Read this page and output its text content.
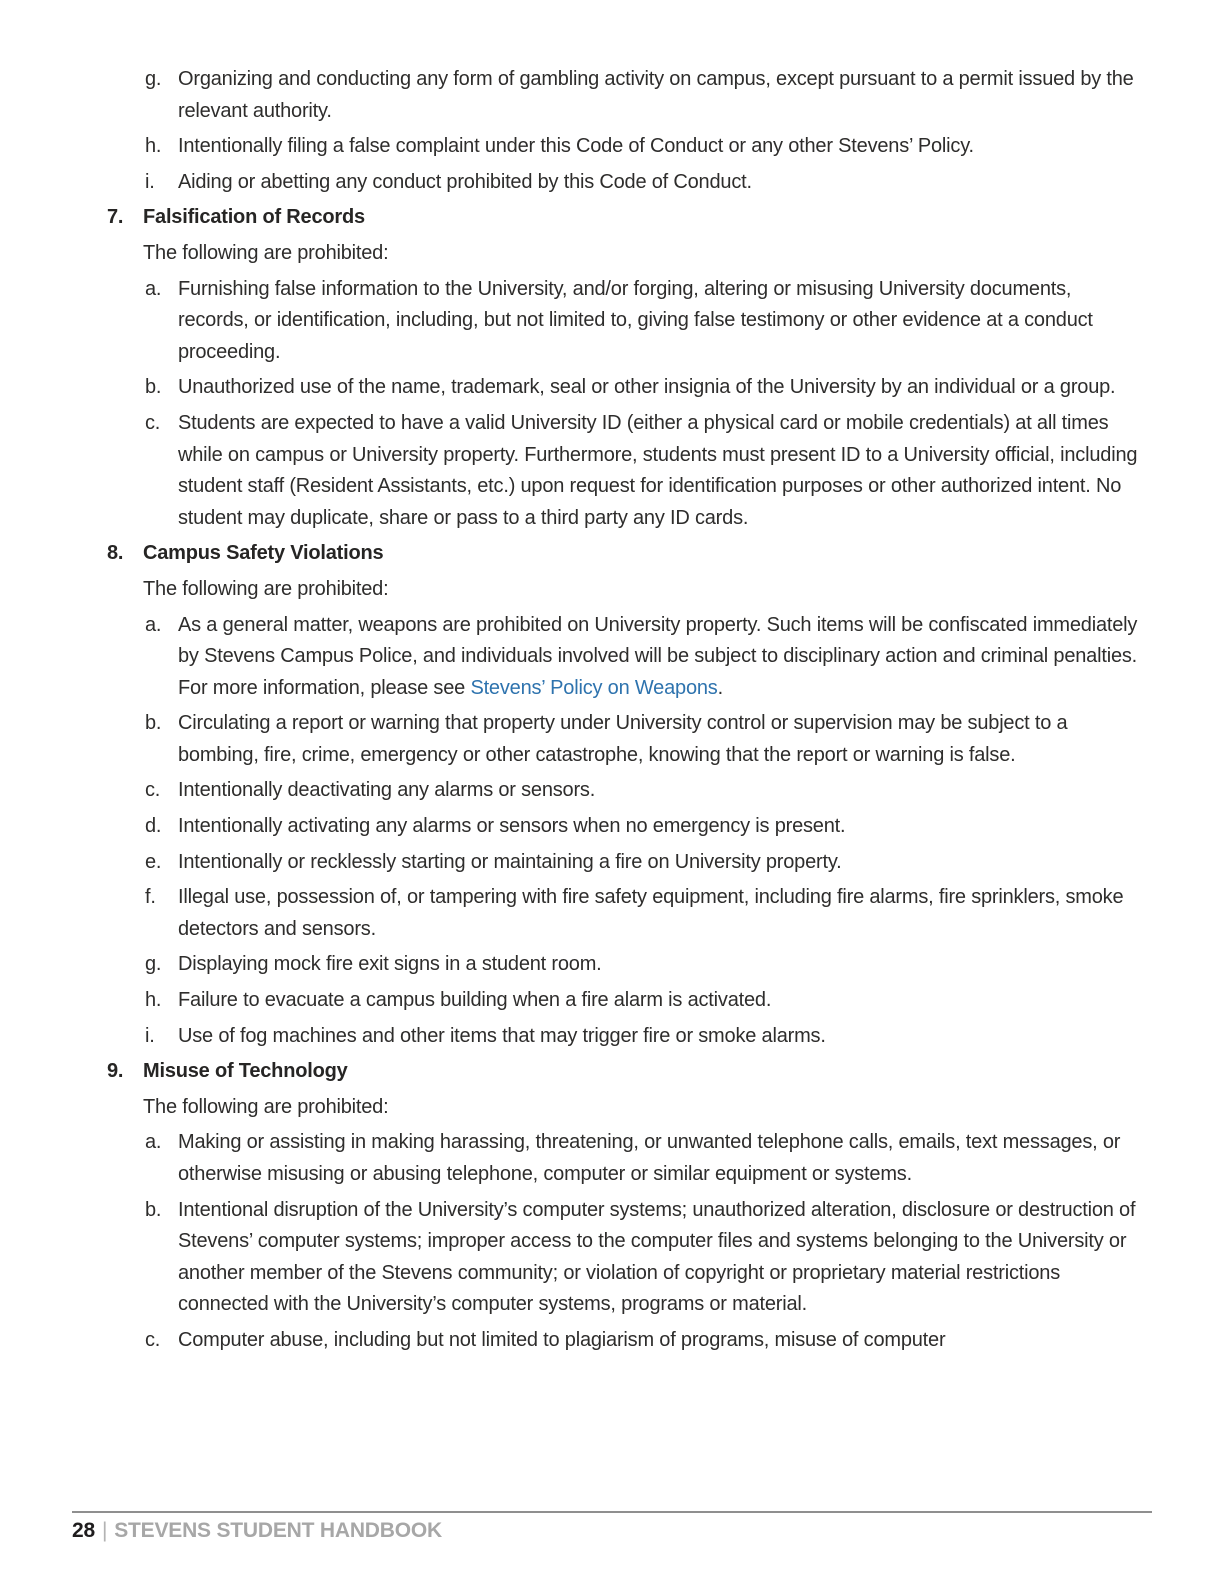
g. Organizing and conducting any form of gambling activity on campus, except pursuant to a permit issued by the relevant authority.
h. Intentionally filing a false complaint under this Code of Conduct or any other Stevens’ Policy.
i.	Aiding or abetting any conduct prohibited by this Code of Conduct.
7. Falsification of Records
The following are prohibited:
a. Furnishing false information to the University, and/or forging, altering or misusing University documents, records, or identification, including, but not limited to, giving false testimony or other evidence at a conduct proceeding.
b. Unauthorized use of the name, trademark, seal or other insignia of the University by an individual or a group.
c. Students are expected to have a valid University ID (either a physical card or mobile credentials) at all times while on campus or University property. Furthermore, students must present ID to a University official, including student staff (Resident Assistants, etc.) upon request for identification purposes or other authorized intent. No student may duplicate, share or pass to a third party any ID cards.
8. Campus Safety Violations
The following are prohibited:
a. As a general matter, weapons are prohibited on University property. Such items will be confiscated immediately by Stevens Campus Police, and individuals involved will be subject to disciplinary action and criminal penalties. For more information, please see Stevens’ Policy on Weapons.
b. Circulating a report or warning that property under University control or supervision may be subject to a bombing, fire, crime, emergency or other catastrophe, knowing that the report or warning is false.
c. Intentionally deactivating any alarms or sensors.
d. Intentionally activating any alarms or sensors when no emergency is present.
e. Intentionally or recklessly starting or maintaining a fire on University property.
f.	Illegal use, possession of, or tampering with fire safety equipment, including fire alarms, fire sprinklers, smoke detectors and sensors.
g. Displaying mock fire exit signs in a student room.
h. Failure to evacuate a campus building when a fire alarm is activated.
i.	Use of fog machines and other items that may trigger fire or smoke alarms.
9. Misuse of Technology
The following are prohibited:
a. Making or assisting in making harassing, threatening, or unwanted telephone calls, emails, text messages, or otherwise misusing or abusing telephone, computer or similar equipment or systems.
b. Intentional disruption of the University’s computer systems; unauthorized alteration, disclosure or destruction of Stevens’ computer systems; improper access to the computer files and systems belonging to the University or another member of the Stevens community; or violation of copyright or proprietary material restrictions connected with the University’s computer systems, programs or material.
c. Computer abuse, including but not limited to plagiarism of programs, misuse of computer
28 | STEVENS STUDENT HANDBOOK
